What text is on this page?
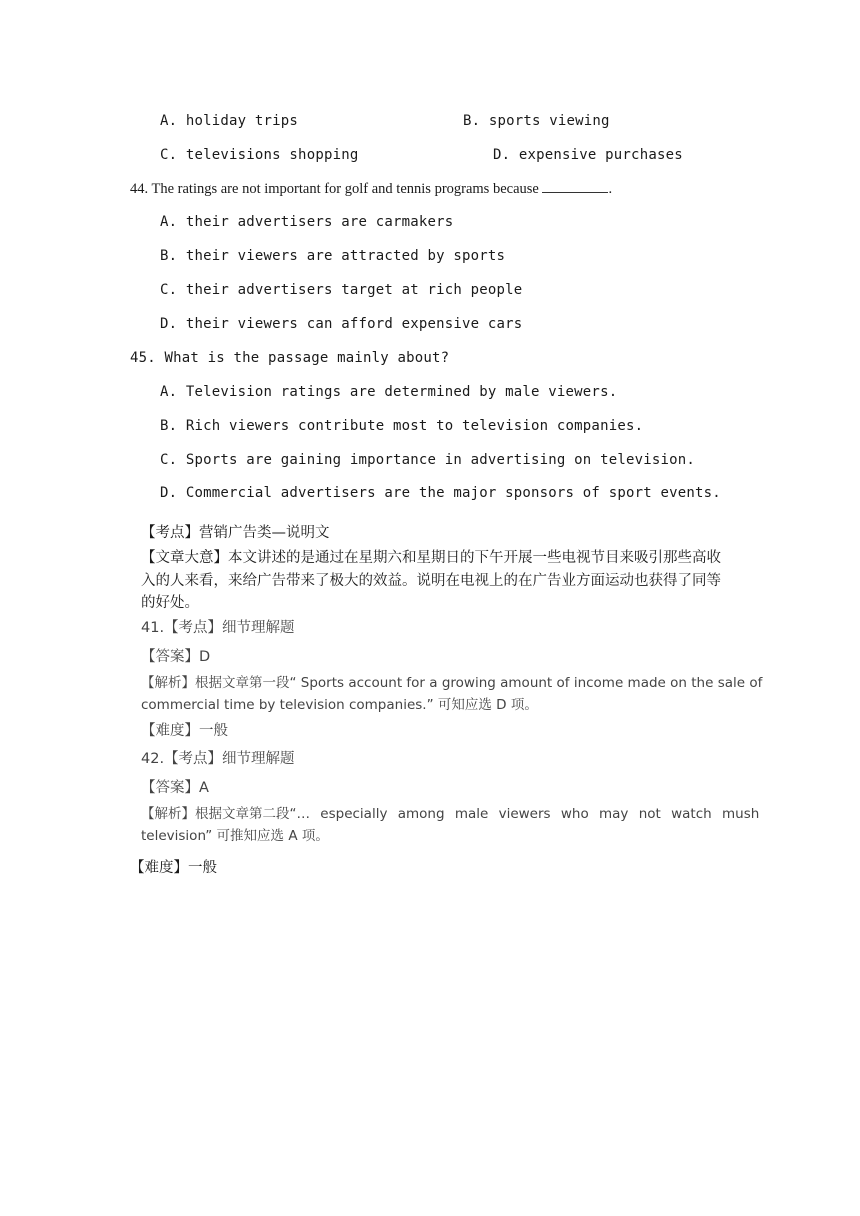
A. holiday trips	B. sports viewing
C. televisions shopping	D. expensive purchases
44. The ratings are not important for golf and tennis programs because	.
A. their advertisers are carmakers
B. their viewers are attracted by sports
C. their advertisers target at rich people
D. their viewers can afford expensive cars
45. What is the passage mainly about?
A. Television ratings are determined by male viewers.
B. Rich viewers contribute most to television companies.
C. Sports are gaining importance in advertising on television.
D. Commercial advertisers are the major sponsors of sport events.
【考点】营销广告类—说明文
【文章大意】本文讲述的是通过在星期六和星期日的下午开展一些电视节目来吸引那些高收
入的人来看，来给广告带来了极大的效益。说明在电视上的在广告业方面运动也获得了同等
的好处。
41.【考点】细节理解题
【答案】D
【解析】根据文章第一段“ Sports account for a growing amount of income made on the sale of
commercial time by television companies.” 可知应选 D 项。
【难度】一般
42.【考点】细节理解题
【答案】A
【解析】根据文章第二段“… especially among male viewers who may not watch mush
television” 可推知应选 A 项。
【难度】一般
